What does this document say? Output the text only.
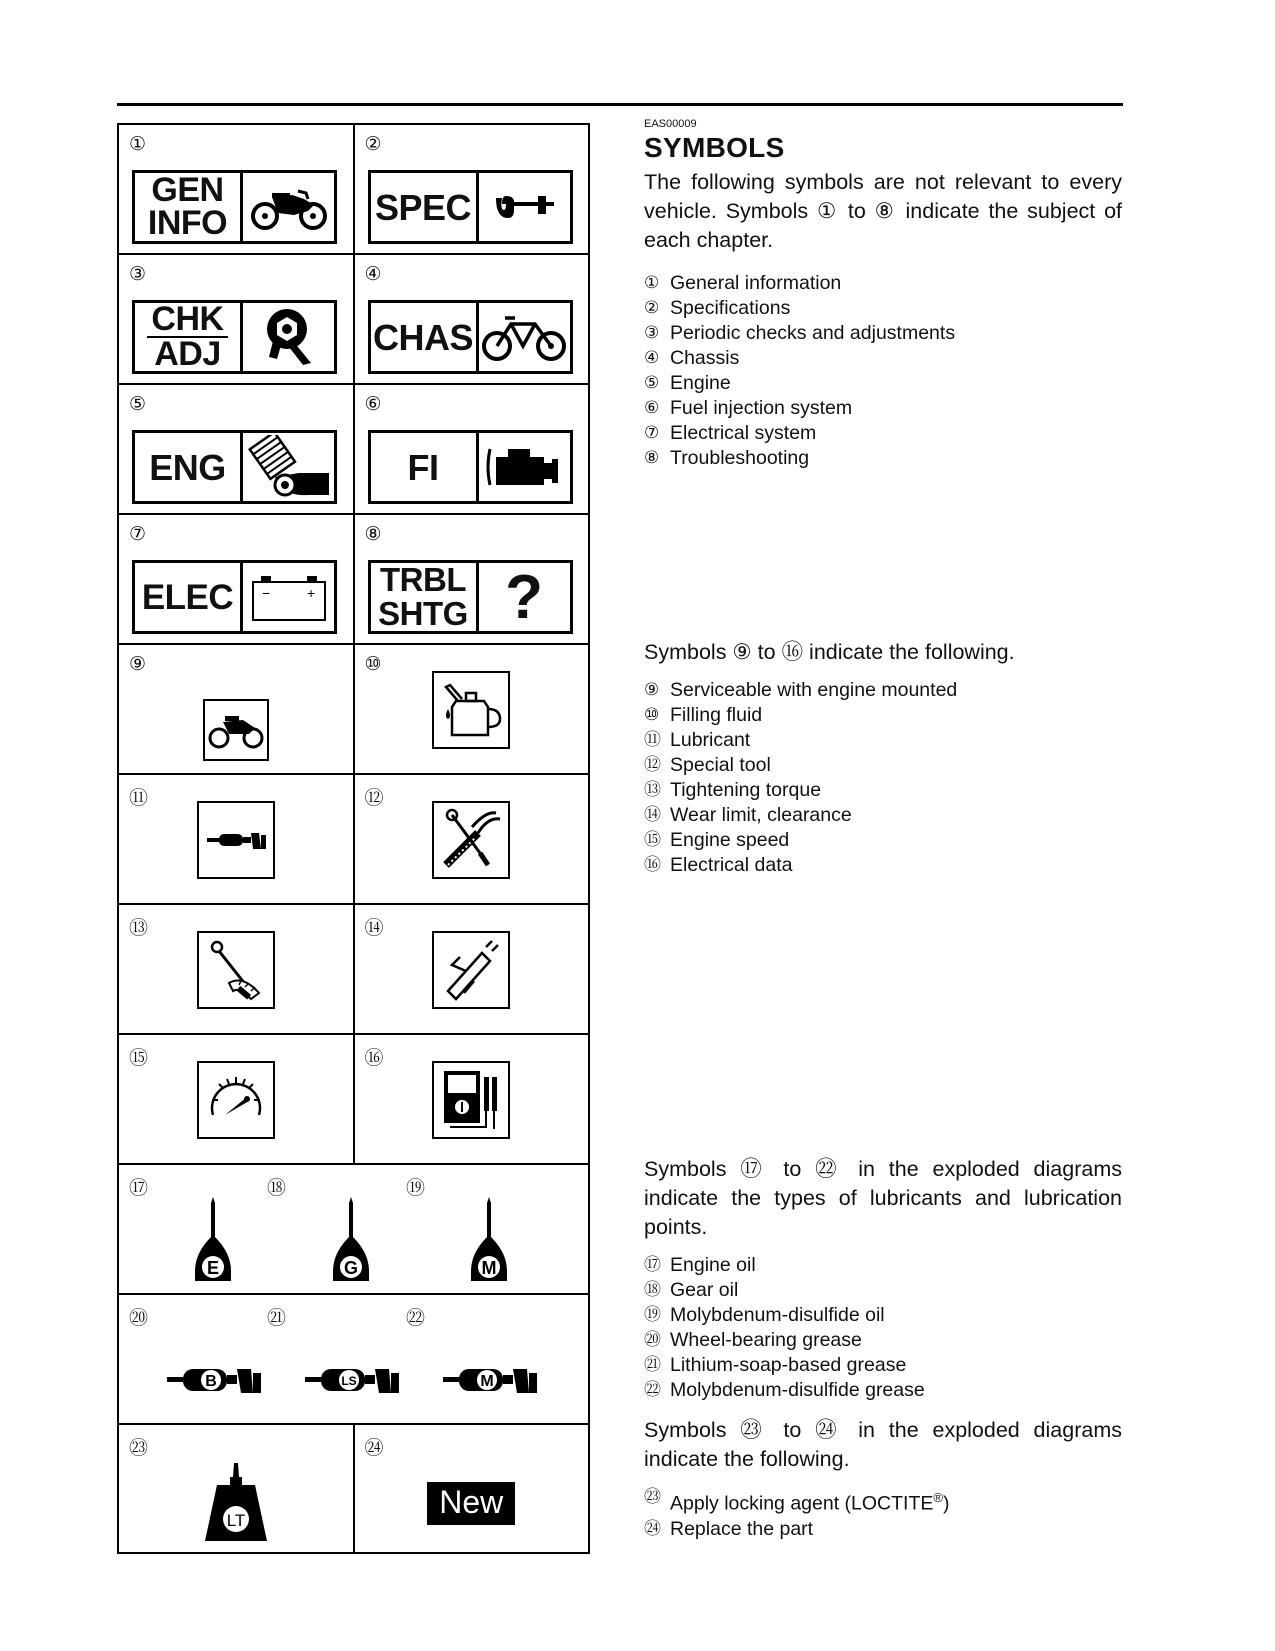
①
GEN
INFO
②
SPEC
③
CHK
ADJ
④
CHAS
⑤
ENG
⑥
FI
⑦
ELEC −	+
⑧
TRBL
SHTG ?
⑨	⑩
⑪	⑫
⑬	⑭
⑮	⑯
⑰	⑱	⑲
E	G	M
⑳	㉑	㉒
B	LS	M
㉓
LT
㉔
New
EAS00009
SYMBOLS
The following symbols are not relevant to every vehicle. Symbols ① to ⑧ indicate the subject of each chapter.
① General information
② Specifications
③ Periodic checks and adjustments
④ Chassis
⑤ Engine
⑥ Fuel injection system
⑦ Electrical system
⑧ Troubleshooting
Symbols ⑨ to ⑯ indicate the following.
⑨ Serviceable with engine mounted
⑩ Filling fluid
⑪ Lubricant
⑫ Special tool
⑬ Tightening torque
⑭ Wear limit, clearance
⑮ Engine speed
⑯ Electrical data
Symbols ⑰ to ㉒ in the exploded diagrams indicate the types of lubricants and lubrication points.
⑰ Engine oil
⑱ Gear oil
⑲ Molybdenum-disulfide oil
⑳ Wheel-bearing grease
㉑ Lithium-soap-based grease
㉒ Molybdenum-disulfide grease
Symbols ㉓ to ㉔ in the exploded diagrams indicate the following.
㉓ Apply locking agent (LOCTITE®)
㉔ Replace the part
